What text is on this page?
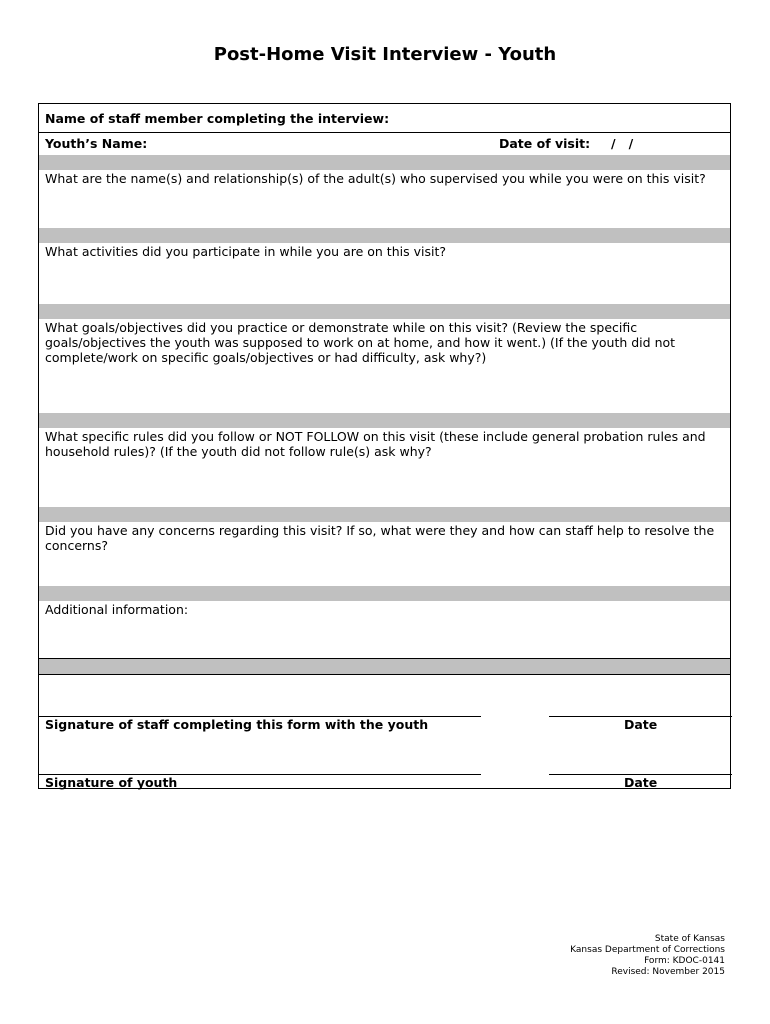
Post-Home Visit Interview - Youth
Name of staff member completing the interview:
Youth’s Name:	Date of visit: /   /
What are the name(s) and relationship(s) of the adult(s) who supervised you while you were on this visit?
What activities did you participate in while you are on this visit?
What goals/objectives did you practice or demonstrate while on this visit? (Review the specific goals/objectives the youth was supposed to work on at home, and how it went.) (If the youth did not complete/work on specific goals/objectives or had difficulty, ask why?)
What specific rules did you follow or NOT FOLLOW on this visit (these include general probation rules and household rules)? (If the youth did not follow rule(s) ask why?
Did you have any concerns regarding this visit? If so, what were they and how can staff help to resolve the concerns?
Additional information:
Signature of staff completing this form with the youth	Date
Signature of youth	Date
State of Kansas
Kansas Department of Corrections
Form: KDOC-0141
Revised: November 2015
